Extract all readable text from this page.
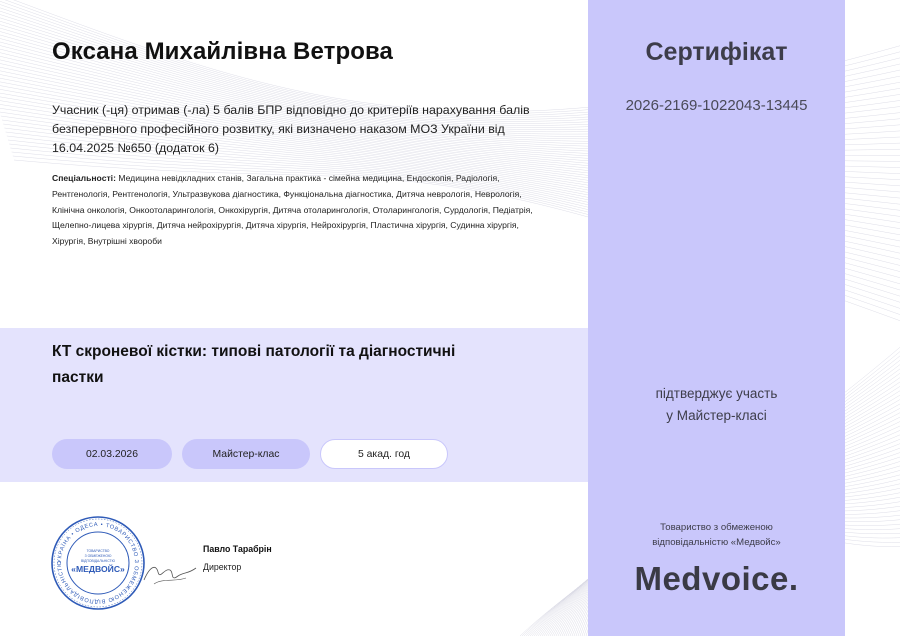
Оксана Михайлівна Ветрова
Учасник (-ця) отримав (-ла) 5 балів БПР відповідно до критеріїв нарахування балів безперервного професійного розвитку, які визначено наказом МОЗ України від 16.04.2025 №650 (додаток 6)
Спеціальності: Медицина невідкладних станів, Загальна практика - сімейна медицина, Ендоскопія, Радіологія, Рентгенологія, Рентгенологія, Ультразвукова діагностика, Функціональна діагностика, Дитяча неврологія, Неврологія, Клінічна онкологія, Онкоотоларингологія, Онкохірургія, Дитяча отоларингологія, Отоларингологія, Сурдологія, Педіатрія, Щелепно-лицева хірургія, Дитяча нейрохірургія, Дитяча хірургія, Нейрохірургія, Пластична хірургія, Судинна хірургія, Хірургія, Внутрішні хвороби
КТ скроневої кістки: типові патології та діагностичні пастки
02.03.2026	Майстер-клас	5 акад. год
УКРАЇНА • ОДЕСА • ТОВАРИСТВО З ОБМЕЖЕНОЮ ВІДПОВІДАЛЬНІСТЮ
ТОВАРИСТВО
З ОБМЕЖЕНОЮ
ВІДПОВІДАЛЬНІСТЮ
«МЕДВОЙС»
Павло Тарабрін
Директор
Сертифікат
2026-2169-1022043-13445
підтверджує участь
у Майстер-класі
Товариство з обмеженою
відповідальністю «Медвойс»
Medvoice.
